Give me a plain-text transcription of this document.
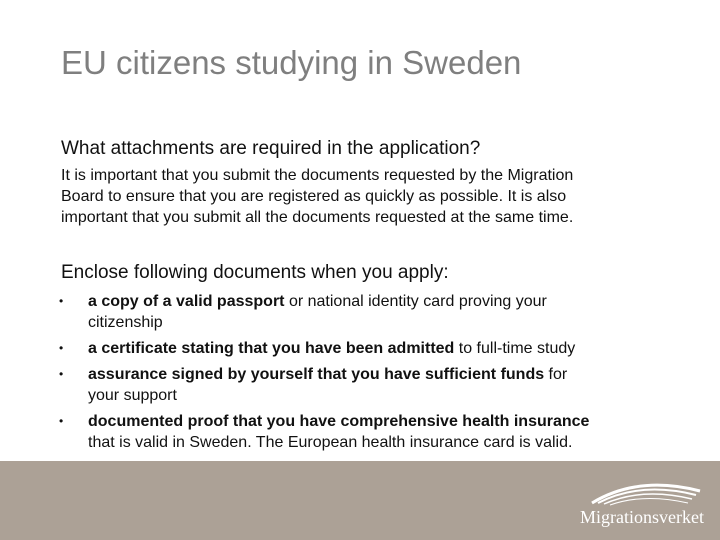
EU citizens studying in Sweden
What attachments are required in the application?
It is important that you submit the documents requested by the Migration
Board to ensure that you are registered as quickly as possible. It is also
important that you submit all the documents requested at the same time.
Enclose following documents when you apply:
• a copy of a valid passport or national identity card proving your
citizenship
• a certificate stating that you have been admitted to full-time study
• assurance signed by yourself that you have sufficient funds for
your support
• documented proof that you have comprehensive health insurance
that is valid in Sweden. The European health insurance card is valid.
Migrationsverket
